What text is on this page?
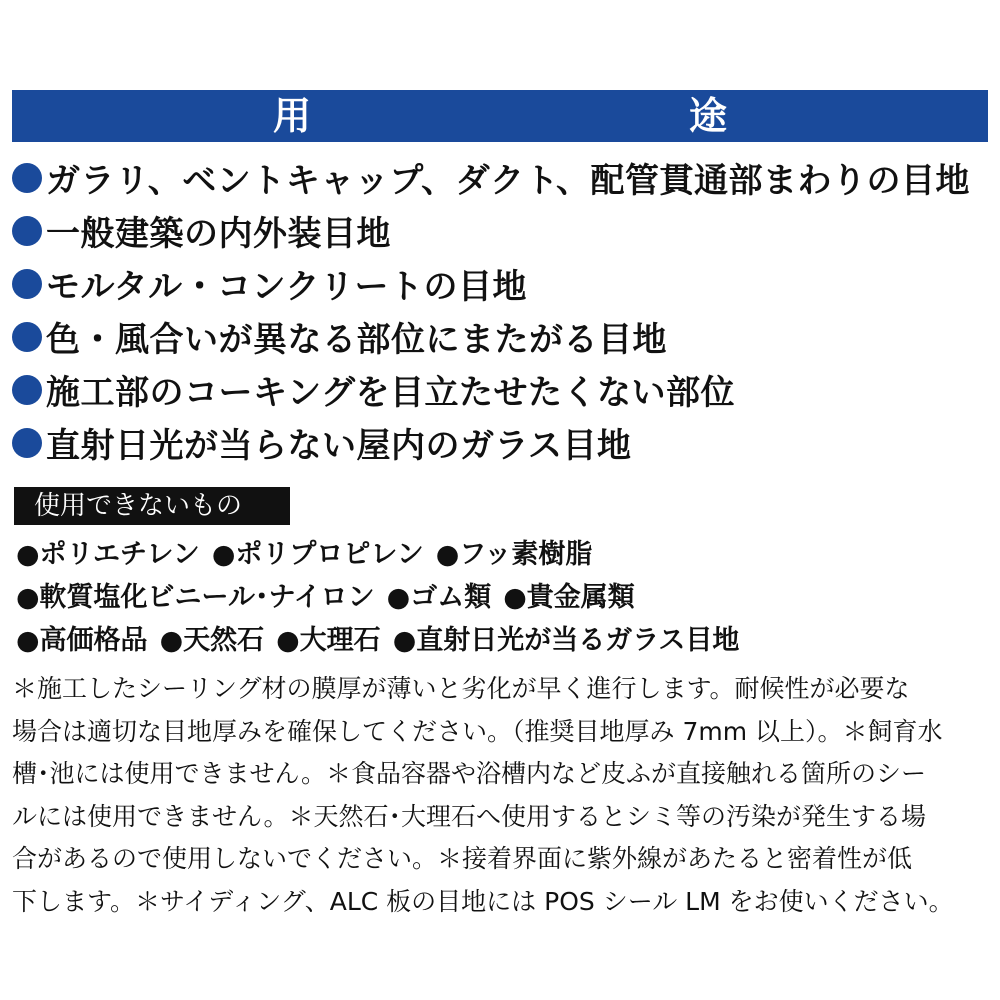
用　途
ガラリ、ベントキャップ、ダクト、配管貫通部まわりの目地
一般建築の内外装目地
モルタル・コンクリートの目地
色・風合いが異なる部位にまたがる目地
施工部のコーキングを目立たせたくない部位
直射日光が当らない屋内のガラス目地
使用できないもの
●ポリエチレン ●ポリプロピレン ●フッ素樹脂
●軟質塩化ビニール･ナイロン ●ゴム類 ●貴金属類
●高価格品 ●天然石 ●大理石 ●直射日光が当るガラス目地
＊施工したシーリング材の膜厚が薄いと劣化が早く進行します。耐候性が必要な
場合は適切な目地厚みを確保してください。（推奨目地厚み 7mm 以上）。＊飼育水
槽･池には使用できません。＊食品容器や浴槽内など皮ふが直接触れる箇所のシー
ルには使用できません。＊天然石･大理石へ使用するとシミ等の汚染が発生する場
合があるので使用しないでください。＊接着界面に紫外線があたると密着性が低
下します。＊サイディング、ALC 板の目地には POS シール LM をお使いください。
